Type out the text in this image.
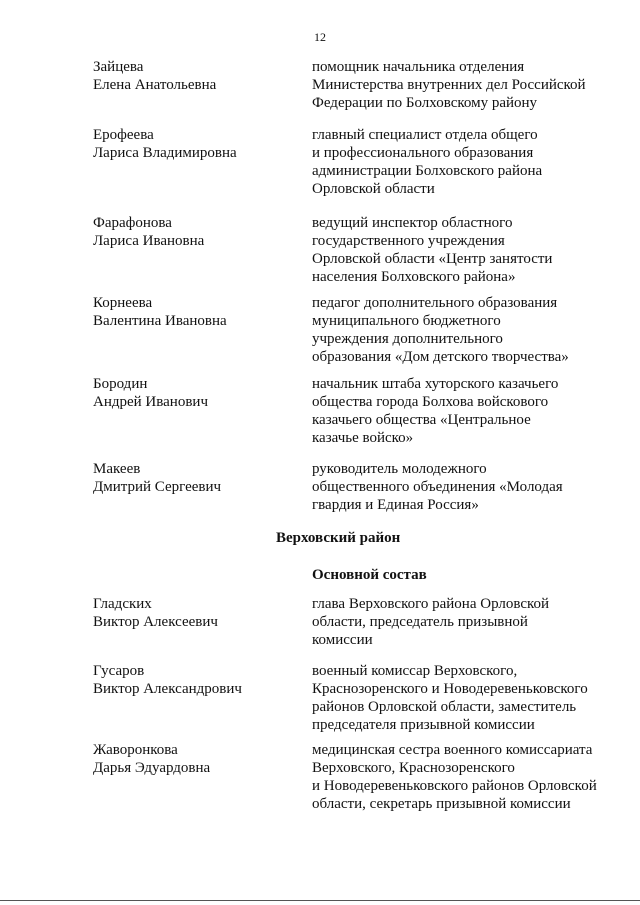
12
Зайцева
Елена Анатольевна
помощник начальника отделения
Министерства внутренних дел Российской
Федерации по Болховскому району
Ерофеева
Лариса Владимировна
главный специалист отдела общего
и профессионального образования
администрации Болховского района
Орловской области
Фарафонова
Лариса Ивановна
ведущий инспектор областного
государственного учреждения
Орловской области «Центр занятости
населения Болховского района»
Корнеева
Валентина Ивановна
педагог дополнительного образования
муниципального бюджетного
учреждения дополнительного
образования «Дом детского творчества»
Бородин
Андрей Иванович
начальник штаба хуторского казачьего
общества города Болхова войскового
казачьего общества «Центральное
казачье войско»
Макеев
Дмитрий Сергеевич
руководитель молодежного
общественного объединения «Молодая
гвардия и Единая Россия»
Верховский район
Основной состав
Гладских
Виктор Алексеевич
глава Верховского района Орловской
области, председатель призывной
комиссии
Гусаров
Виктор Александрович
военный комиссар Верховского,
Краснозоренского и Новодеревеньковского
районов Орловской области, заместитель
председателя призывной комиссии
Жаворонкова
Дарья Эдуардовна
медицинская сестра военного комиссариата
Верховского, Краснозоренского
и Новодеревеньковского районов Орловской
области, секретарь призывной комиссии
